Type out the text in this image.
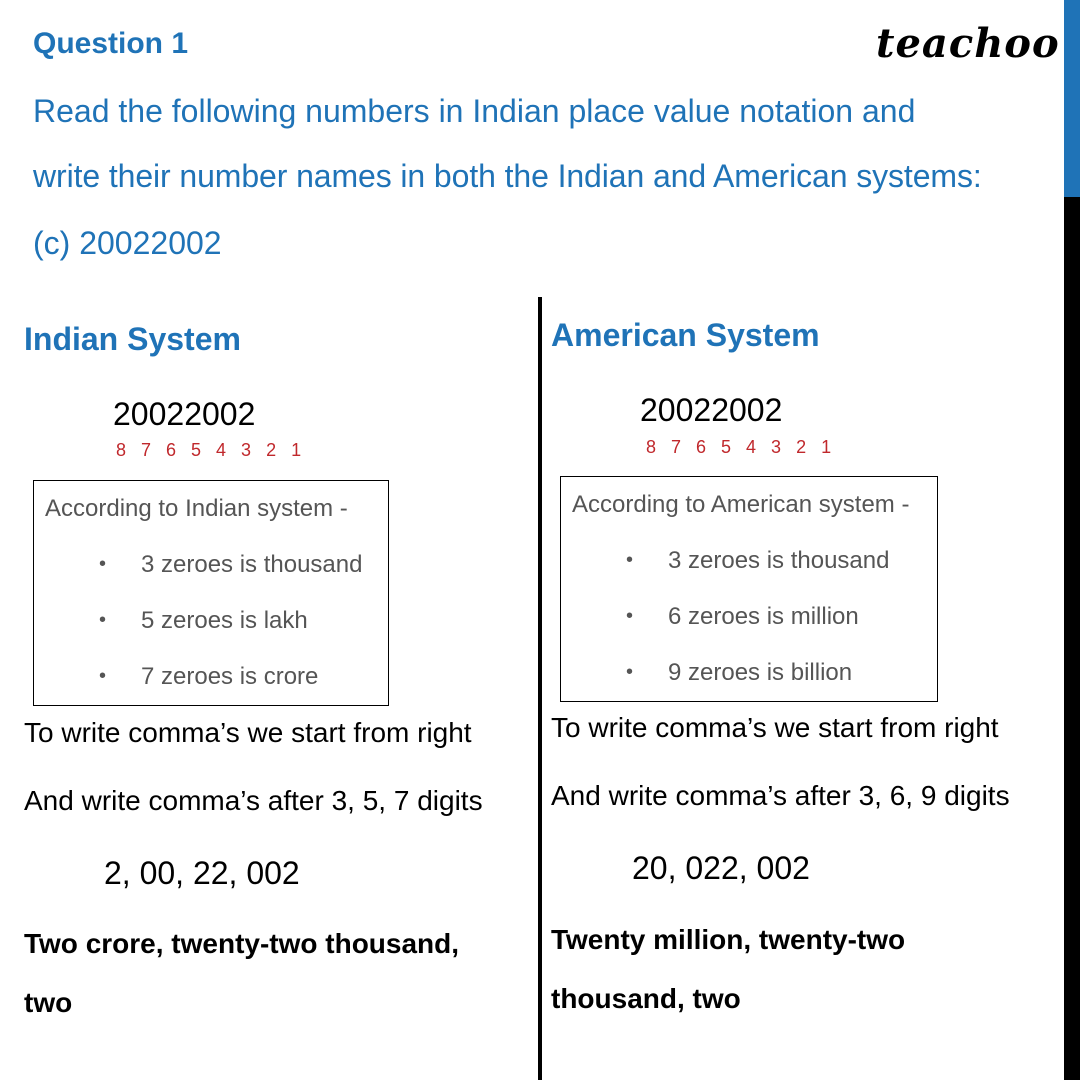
Question 1	teachoo
Read the following numbers in Indian place value notation and
write their number names in both the Indian and American systems:
(c) 20022002
Indian System
20022002
8 7 6 5 4 3 2 1
According to Indian system -
• 3 zeroes is thousand
• 5 zeroes is lakh
• 7 zeroes is crore
To write comma’s we start from right
And write comma’s after 3, 5, 7 digits
2, 00, 22, 002
Two crore, twenty-two thousand,
two
American System
20022002
8 7 6 5 4 3 2 1
According to American system -
• 3 zeroes is thousand
• 6 zeroes is million
• 9 zeroes is billion
To write comma’s we start from right
And write comma’s after 3, 6, 9 digits
20, 022, 002
Twenty million, twenty-two
thousand, two
